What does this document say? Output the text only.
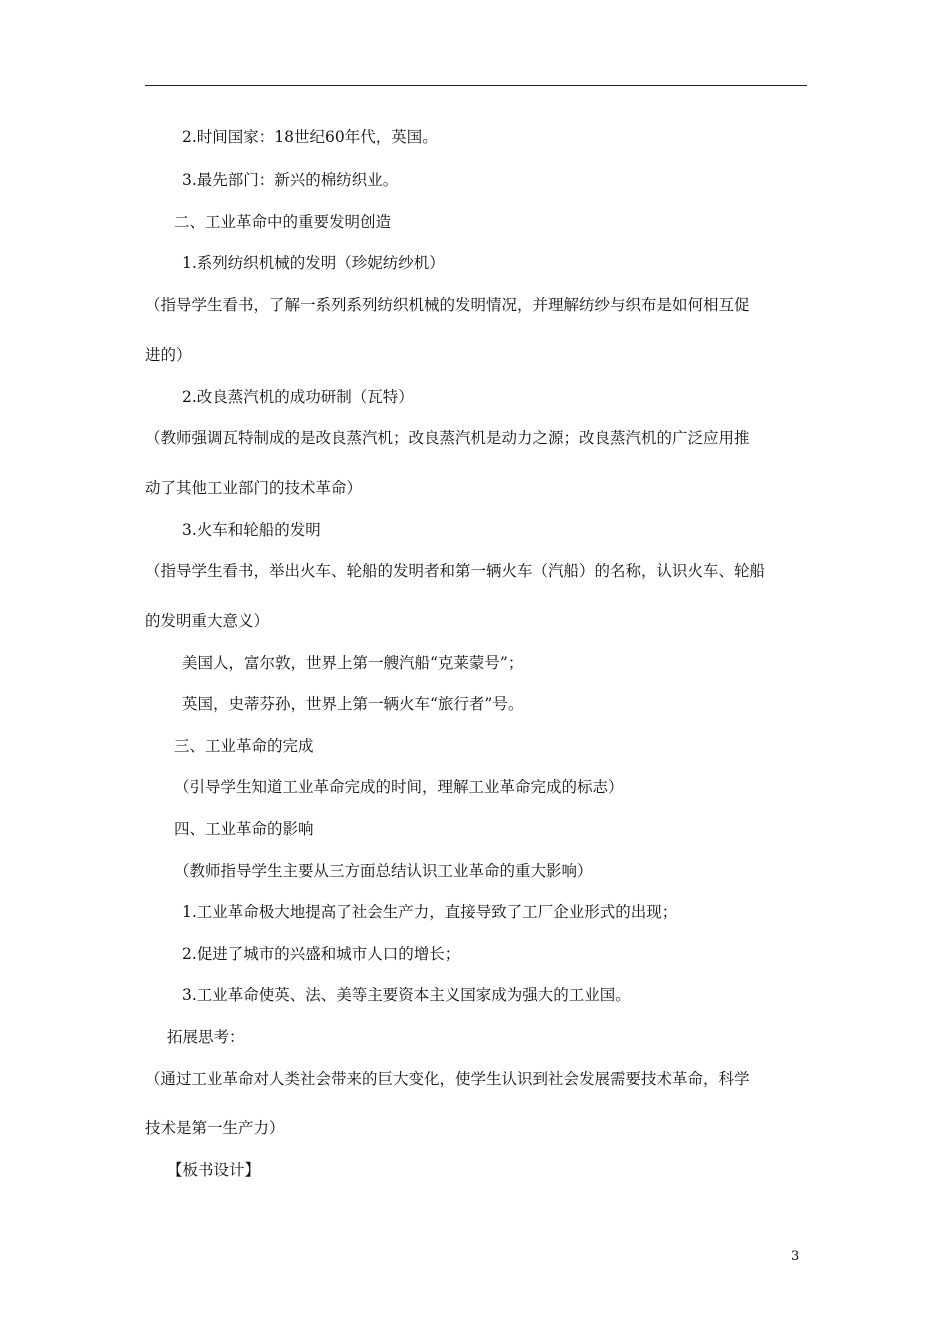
2.时间国家：18世纪60年代，英国。
3.最先部门：新兴的棉纺织业。
二、工业革命中的重要发明创造
1.系列纺织机械的发明（珍妮纺纱机）
（指导学生看书，了解一系列系列纺织机械的发明情况，并理解纺纱与织布是如何相互促
进的）
2.改良蒸汽机的成功研制（瓦特）
（教师强调瓦特制成的是改良蒸汽机；改良蒸汽机是动力之源；改良蒸汽机的广泛应用推
动了其他工业部门的技术革命）
3.火车和轮船的发明
（指导学生看书，举出火车、轮船的发明者和第一辆火车（汽船）的名称，认识火车、轮船
的发明重大意义）
美国人，富尔敦，世界上第一艘汽船“克莱蒙号”；
英国，史蒂芬孙，世界上第一辆火车“旅行者”号。
三、工业革命的完成
（引导学生知道工业革命完成的时间，理解工业革命完成的标志）
四、工业革命的影响
（教师指导学生主要从三方面总结认识工业革命的重大影响）
1.工业革命极大地提高了社会生产力，直接导致了工厂企业形式的出现；
2.促进了城市的兴盛和城市人口的增长；
3.工业革命使英、法、美等主要资本主义国家成为强大的工业国。
拓展思考：
（通过工业革命对人类社会带来的巨大变化，使学生认识到社会发展需要技术革命，科学
技术是第一生产力）
【板书设计】
3
